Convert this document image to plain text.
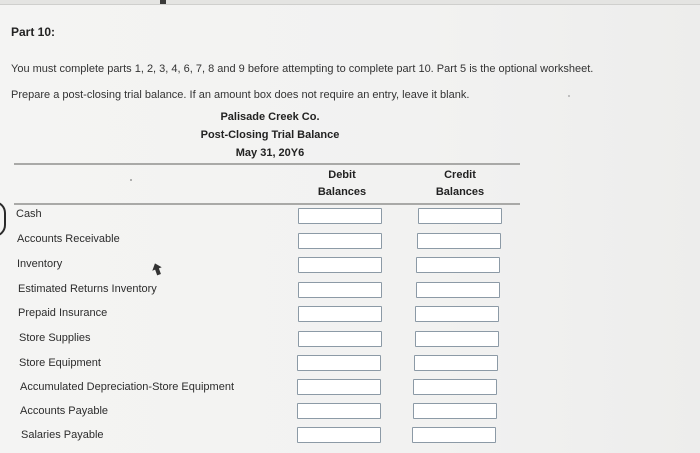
Part 10:
You must complete parts 1, 2, 3, 4, 6, 7, 8 and 9 before attempting to complete part 10. Part 5 is the optional worksheet.
Prepare a post-closing trial balance. If an amount box does not require an entry, leave it blank.
Palisade Creek Co.
Post-Closing Trial Balance
May 31, 20Y6
Debit
Balances
Credit
Balances
Cash
Accounts Receivable
Inventory
Estimated Returns Inventory
Prepaid Insurance
Store Supplies
Store Equipment
Accumulated Depreciation-Store Equipment
Accounts Payable
Salaries Payable
